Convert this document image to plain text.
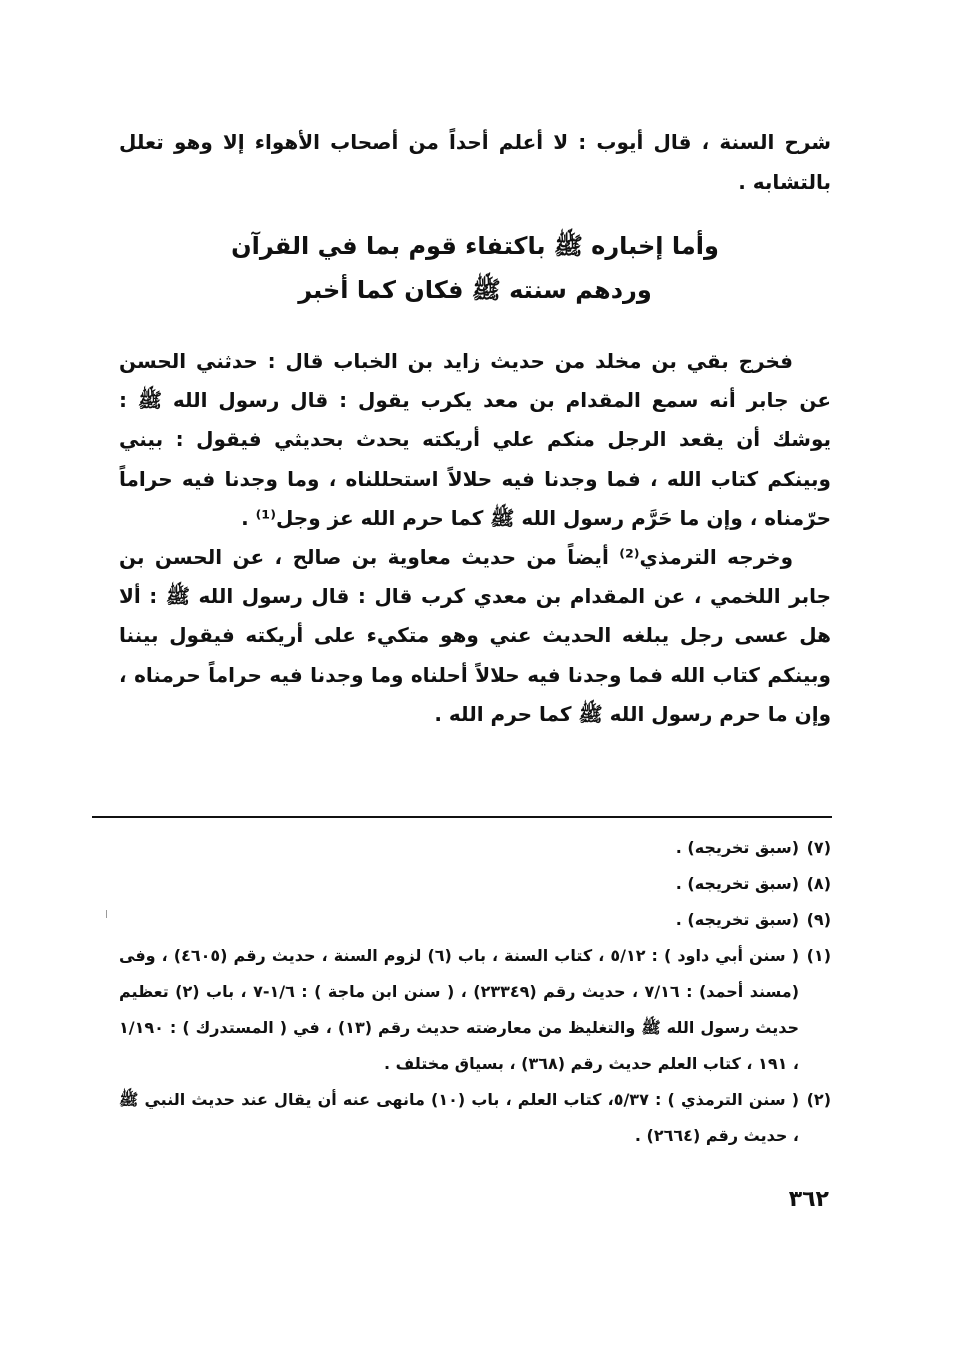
شرح السنة ، قال أيوب : لا أعلم أحداً من أصحاب الأهواء إلا وهو تعلل بالتشابه .

وأما إخباره ﷺ باكتفاء قوم بما في القرآن
وردهم سنته ﷺ فكان كما أخبر

فخرج بقي بن مخلد من حديث زايد بن الخباب قال : حدثني الحسن عن جابر أنه سمع المقدام بن معد يكرب يقول : قال رسول الله ﷺ : يوشك أن يقعد الرجل منكم علي أريكته يحدث بحديثي فيقول : بيني وبينكم كتاب الله ، فما وجدنا فيه حلالاً استحللناه ، وما وجدنا فيه حراماً حرّمناه ، وإن ما حَرَّم رسول الله ﷺ كما حرم الله عز وجل⁽¹⁾ .

وخرجه الترمذي⁽²⁾ أيضاً من حديث معاوية بن صالح ، عن الحسن بن جابر اللخمي ، عن المقدام بن معدي كرب قال : قال رسول الله ﷺ : ألا هل عسى رجل يبلغه الحديث عني وهو متكيء على أريكته فيقول بيننا وبينكم كتاب الله فما وجدنا فيه حلالاً أحلناه وما وجدنا فيه حراماً حرمناه ، وإن ما حرم رسول الله ﷺ كما حرم الله .

(٧)
(سبق تخريجه) .
(٨)
(سبق تخريجه) .
(٩)
(سبق تخريجه) .
(١)
( سنن أبي داود ) : ٥/١٢ ، كتاب السنة ، باب (٦) لزوم السنة ، حديث رقم (٤٦٠٥) ، وفى (مسند أحمد) : ٧/١٦ ، حديث رقم (٢٣٣٤٩) ، ( سنن ابن ماجة ) : ١/٦-٧ ، باب (٢) تعظيم حديث رسول الله ﷺ والتغليظ من معارضته حديث رقم (١٣) ، في ( المستدرك ) : ١/١٩٠ ، ١٩١ ، كتاب العلم حديث رقم (٣٦٨) ، بسياق مختلف .
(٢)
( سنن الترمذي ) : ٥/٣٧، كتاب العلم ، باب (١٠) مانهى عنه أن يقال عند حديث النبي ﷺ ، حديث رقم (٢٦٦٤) .

٣٦٢
